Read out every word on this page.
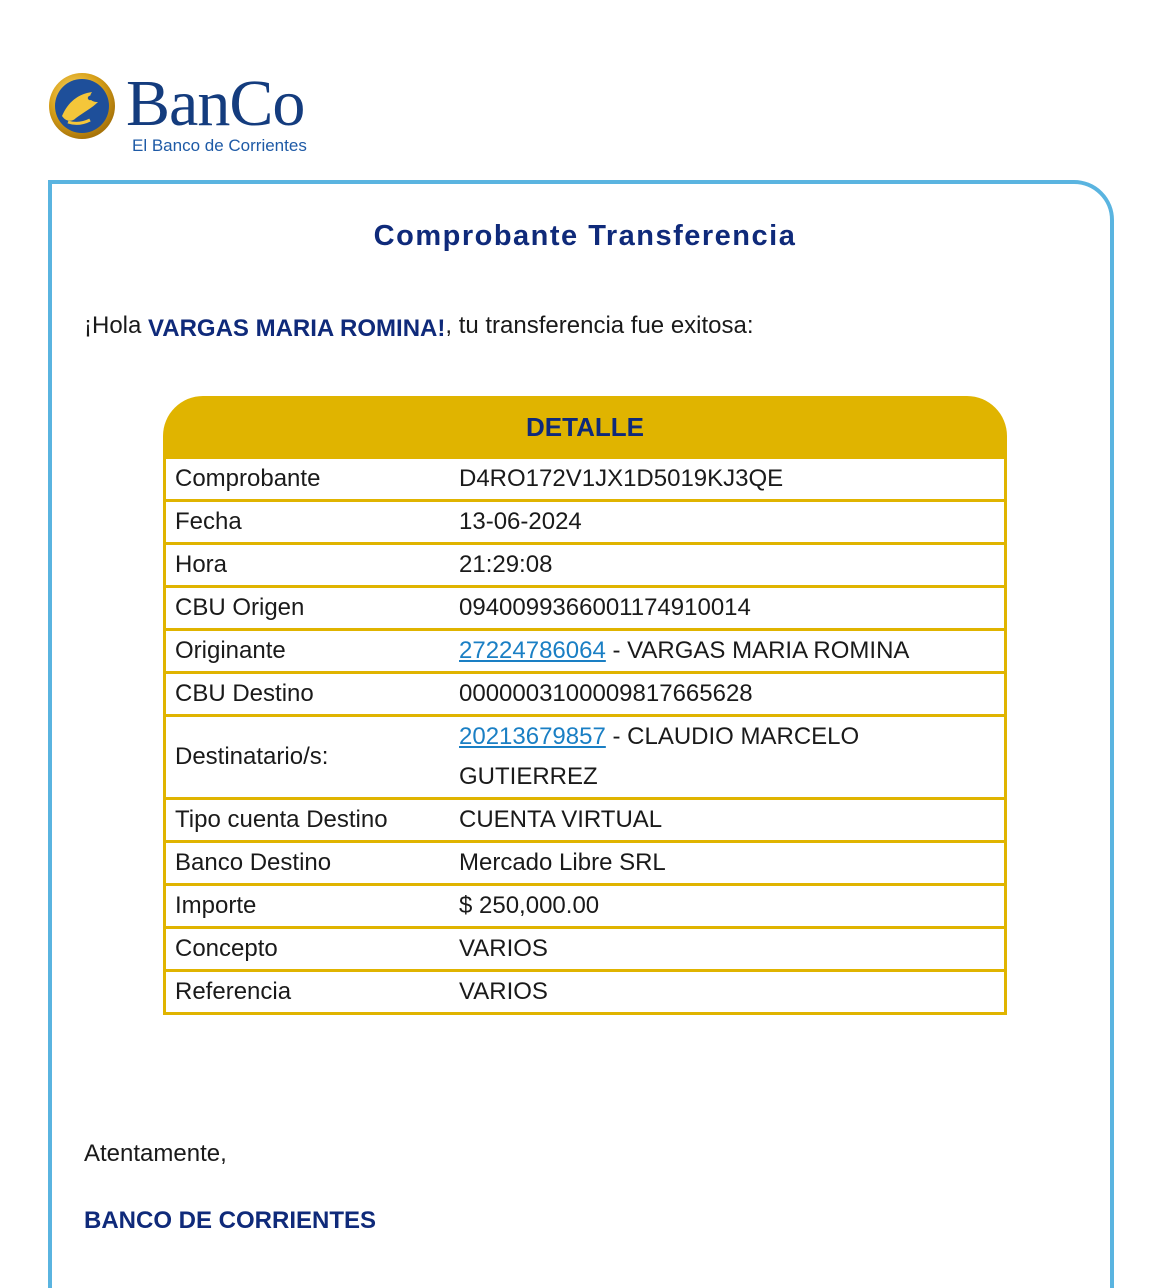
BanCo
El Banco de Corrientes
Comprobante Transferencia
¡Hola VARGAS MARIA ROMINA!, tu transferencia fue exitosa:
DETALLE
Comprobante	D4RO172V1JX1D5019KJ3QE
Fecha	13-06-2024
Hora	21:29:08
CBU Origen	0940099366001174910014
Originante	27224786064 - VARGAS MARIA ROMINA
CBU Destino	0000003100009817665628
Destinatario/s:	20213679857 - CLAUDIO MARCELO GUTIERREZ
Tipo cuenta Destino	CUENTA VIRTUAL
Banco Destino	Mercado Libre SRL
Importe	$ 250,000.00
Concepto	VARIOS
Referencia	VARIOS
Atentamente,
BANCO DE CORRIENTES
